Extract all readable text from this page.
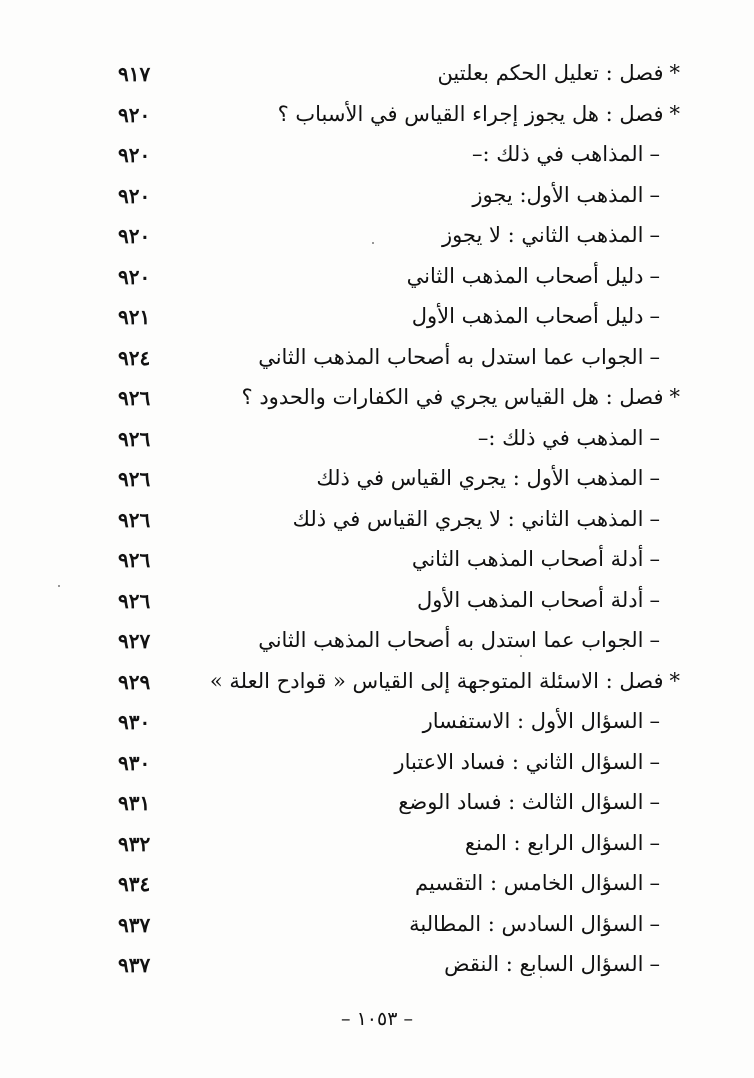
*فصل : تعليل الحكم بعلتين
٩١٧
*فصل : هل يجوز إجراء القياس في الأسباب ؟
٩٢٠
–المذاهب في ذلك :–
٩٢٠
–المذهب الأول: يجوز
٩٢٠
–المذهب الثاني : لا يجوز
٩٢٠
–دليل أصحاب المذهب الثاني
٩٢٠
–دليل أصحاب المذهب الأول
٩٢١
–الجواب عما استدل به أصحاب المذهب الثاني
٩٢٤
*فصل : هل القياس يجري في الكفارات والحدود ؟
٩٢٦
–المذهب في ذلك :–
٩٢٦
–المذهب الأول : يجري القياس في ذلك
٩٢٦
–المذهب الثاني : لا يجري القياس في ذلك
٩٢٦
–أدلة أصحاب المذهب الثاني
٩٢٦
–أدلة أصحاب المذهب الأول
٩٢٦
–الجواب عما استدل به أصحاب المذهب الثاني
٩٢٧
*فصل : الاسئلة المتوجهة إلى القياس « قوادح العلة »
٩٢٩
–السؤال الأول : الاستفسار
٩٣٠
–السؤال الثاني : فساد الاعتبار
٩٣٠
–السؤال الثالث : فساد الوضع
٩٣١
–السؤال الرابع : المنع
٩٣٢
–السؤال الخامس : التقسيم
٩٣٤
–السؤال السادس : المطالبة
٩٣٧
–السؤال السابع : النقض
٩٣٧
– ١٠٥٣ –
